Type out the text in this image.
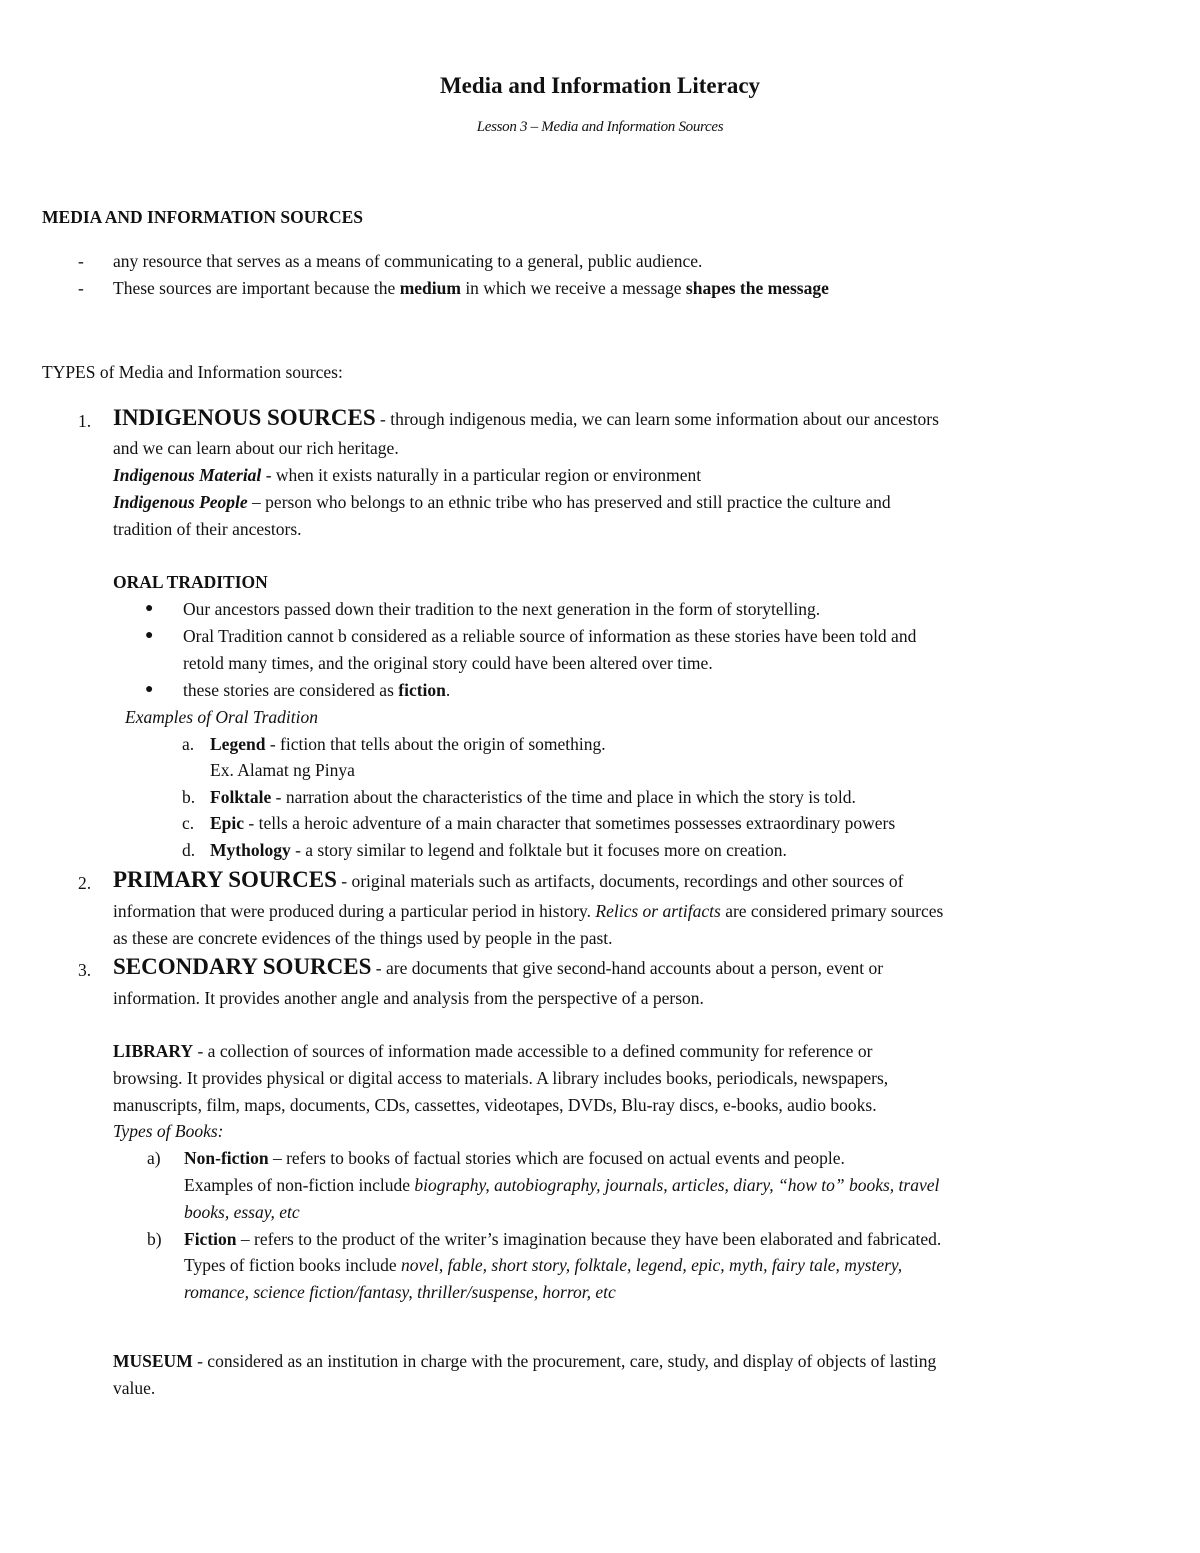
Media and Information Literacy
Lesson 3 – Media and Information Sources
MEDIA AND INFORMATION SOURCES
- any resource that serves as a means of communicating to a general, public audience.
- These sources are important because the medium in which we receive a message shapes the message
TYPES of Media and Information sources:
1. INDIGENOUS SOURCES - through indigenous media, we can learn some information about our ancestors
and we can learn about our rich heritage.
Indigenous Material - when it exists naturally in a particular region or environment
Indigenous People – person who belongs to an ethnic tribe who has preserved and still practice the culture and
tradition of their ancestors.
ORAL TRADITION
● Our ancestors passed down their tradition to the next generation in the form of storytelling.
● Oral Tradition cannot b considered as a reliable source of information as these stories have been told and
retold many times, and the original story could have been altered over time.
● these stories are considered as fiction.
Examples of Oral Tradition
a. Legend - fiction that tells about the origin of something.
Ex. Alamat ng Pinya
b. Folktale - narration about the characteristics of the time and place in which the story is told.
c. Epic - tells a heroic adventure of a main character that sometimes possesses extraordinary powers
d. Mythology - a story similar to legend and folktale but it focuses more on creation.
2. PRIMARY SOURCES - original materials such as artifacts, documents, recordings and other sources of
information that were produced during a particular period in history. Relics or artifacts are considered primary sources
as these are concrete evidences of the things used by people in the past.
3. SECONDARY SOURCES - are documents that give second-hand accounts about a person, event or
information. It provides another angle and analysis from the perspective of a person.
LIBRARY - a collection of sources of information made accessible to a defined community for reference or
browsing. It provides physical or digital access to materials. A library includes books, periodicals, newspapers,
manuscripts, film, maps, documents, CDs, cassettes, videotapes, DVDs, Blu-ray discs, e-books, audio books.
Types of Books:
a) Non-fiction – refers to books of factual stories which are focused on actual events and people.
Examples of non-fiction include biography, autobiography, journals, articles, diary, “how to” books, travel
books, essay, etc
b) Fiction – refers to the product of the writer’s imagination because they have been elaborated and fabricated.
Types of fiction books include novel, fable, short story, folktale, legend, epic, myth, fairy tale, mystery,
romance, science fiction/fantasy, thriller/suspense, horror, etc
MUSEUM - considered as an institution in charge with the procurement, care, study, and display of objects of lasting
value.
